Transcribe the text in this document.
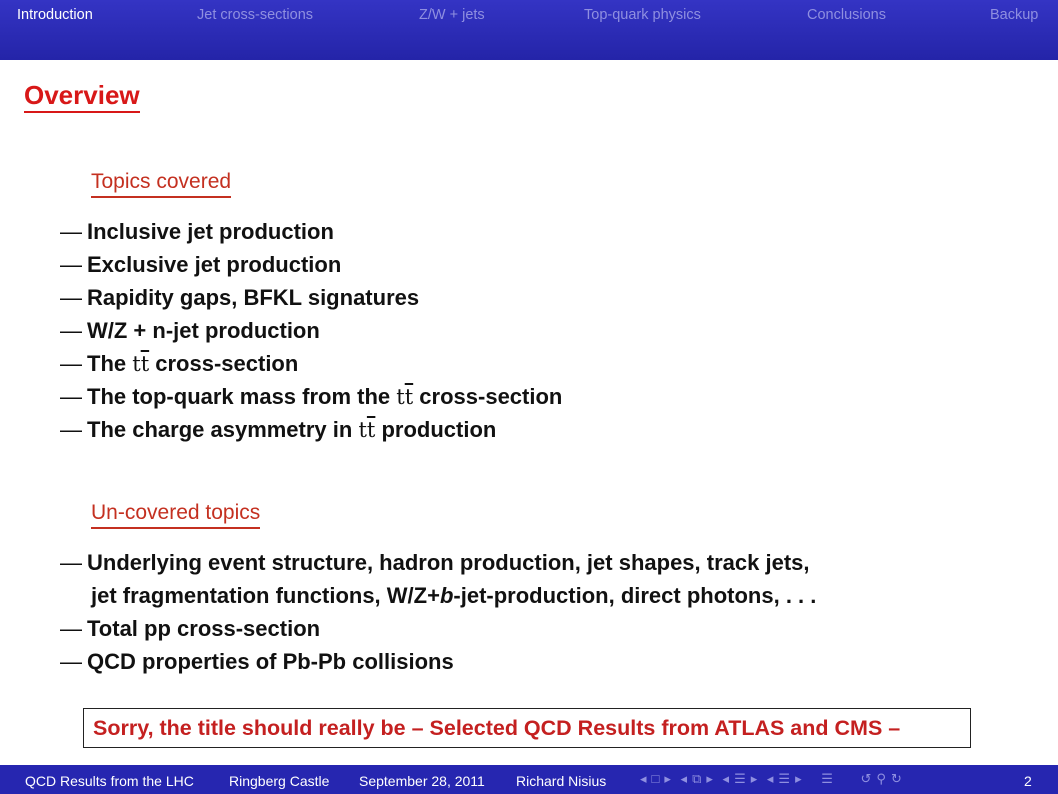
Introduction	Jet cross-sections	Z/W + jets	Top-quark physics	Conclusions	Backup
Overview
Topics covered
— Inclusive jet production
— Exclusive jet production
— Rapidity gaps, BFKL signatures
— W/Z + n-jet production
— The $t\overline{t}$ cross-section
— The top-quark mass from the $t\overline{t}$ cross-section
— The charge asymmetry in $t\overline{t}$ production
Un-covered topics
— Underlying event structure, hadron production, jet shapes, track jets,
jet fragmentation functions, W/Z+b-jet-production, direct photons, . . .
— Total pp cross-section
— QCD properties of Pb-Pb collisions
Sorry, the title should really be – Selected QCD Results from ATLAS and CMS –
QCD Results from the LHC	Ringberg Castle September 28, 2011 Richard Nisius	◂ □ ▸ ◂ ⧉ ▸ ◂ ☰ ▸ ◂ ☰ ▸ ☰ ↺ ⚲ ↻	2
